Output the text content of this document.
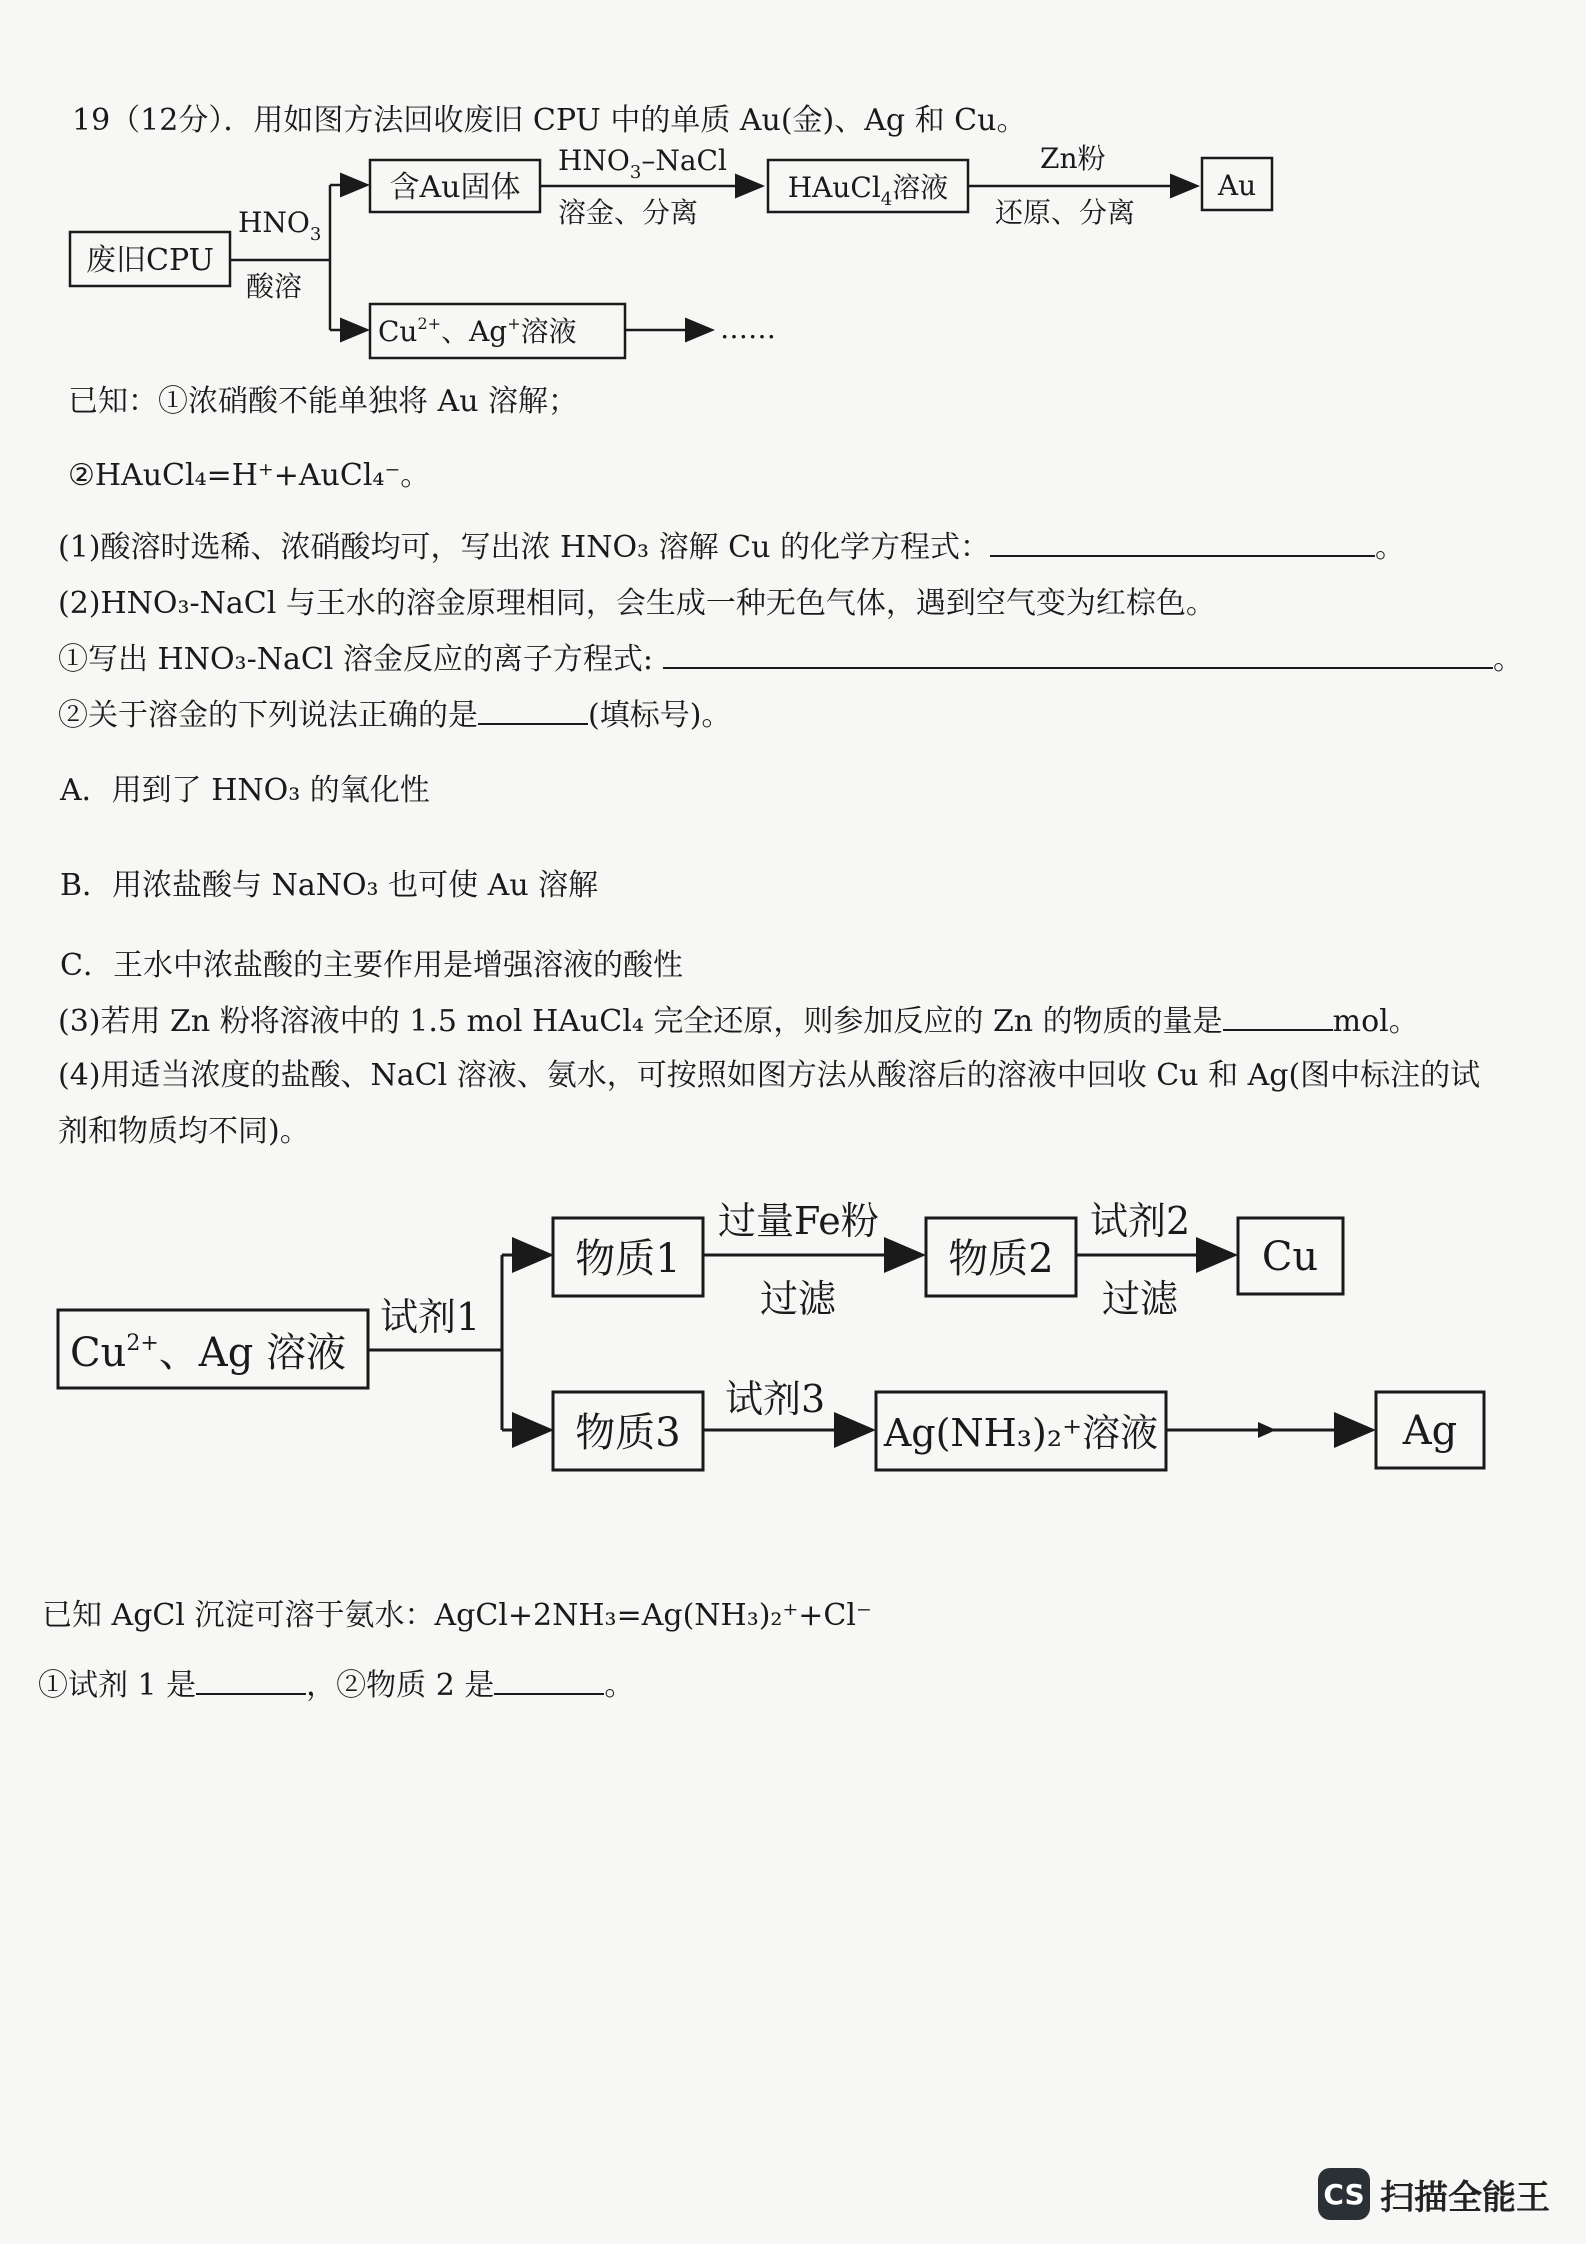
19（12分）．用如图方法回收废旧 CPU 中的单质 Au(金)、Ag 和 Cu。
废旧CPU
$HNO_3$
酸溶
含Au固体
$HNO_3$–NaCl
溶金、分离
HAuCl$_4$溶液
Zn粉
还原、分离
Au
$Cu^{2+}$、Ag+溶液	……
已知：①浓硝酸不能单独将 Au 溶解；
②HAuCl₄=H⁺+AuCl₄⁻。
(1)酸溶时选稀、浓硝酸均可，写出浓 HNO₃ 溶解 Cu 的化学方程式：	。
(2)HNO₃-NaCl 与王水的溶金原理相同，会生成一种无色气体，遇到空气变为红棕色。
①写出 HNO₃-NaCl 溶金反应的离子方程式:	。
②关于溶金的下列说法正确的是	(填标号)。
A．用到了 HNO₃ 的氧化性
B．用浓盐酸与 NaNO₃ 也可使 Au 溶解
C．王水中浓盐酸的主要作用是增强溶液的酸性
(3)若用 Zn 粉将溶液中的 1.5 mol HAuCl₄ 完全还原，则参加反应的 Zn 的物质的量是	mol。
(4)用适当浓度的盐酸、NaCl 溶液、氨水，可按照如图方法从酸溶后的溶液中回收 Cu 和 Ag(图中标注的试
剂和物质均不同)。
$Cu^{2+}$、Ag 溶液
试剂1
物质1
过量Fe粉
过滤
物质2
试剂2
过滤
Cu
物质3
试剂3
Ag(NH₃)₂⁺溶液	Ag
已知 AgCl 沉淀可溶于氨水：AgCl+2NH₃=Ag(NH₃)₂⁺+Cl⁻
①试剂 1 是	，②物质 2 是	。
CS 扫描全能王
